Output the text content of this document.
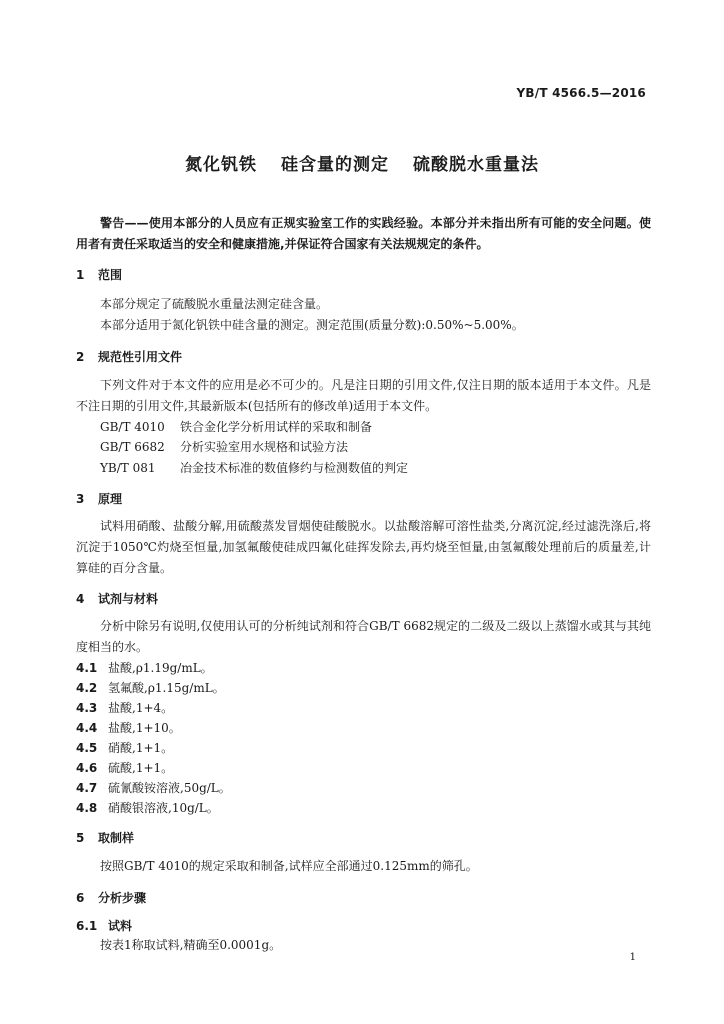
YB/T 4566.5—2016
氮化钒铁 硅含量的测定 硫酸脱水重量法
警告——使用本部分的人员应有正规实验室工作的实践经验。本部分并未指出所有可能的安全问题。使用者有责任采取适当的安全和健康措施,并保证符合国家有关法规规定的条件。
1 范围
本部分规定了硫酸脱水重量法测定硅含量。
本部分适用于氮化钒铁中硅含量的测定。测定范围(质量分数):0.50%~5.00%。
2 规范性引用文件
下列文件对于本文件的应用是必不可少的。凡是注日期的引用文件,仅注日期的版本适用于本文件。凡是不注日期的引用文件,其最新版本(包括所有的修改单)适用于本文件。
GB/T 4010 铁合金化学分析用试样的采取和制备
GB/T 6682 分析实验室用水规格和试验方法
YB/T 081 冶金技术标准的数值修约与检测数值的判定
3 原理
试料用硝酸、盐酸分解,用硫酸蒸发冒烟使硅酸脱水。以盐酸溶解可溶性盐类,分离沉淀,经过滤洗涤后,将沉淀于1050℃灼烧至恒量,加氢氟酸使硅成四氟化硅挥发除去,再灼烧至恒量,由氢氟酸处理前后的质量差,计算硅的百分含量。
4 试剂与材料
分析中除另有说明,仅使用认可的分析纯试剂和符合GB/T 6682规定的二级及二级以上蒸馏水或其与其纯度相当的水。
4.1 盐酸,ρ1.19g/mL。
4.2 氢氟酸,ρ1.15g/mL。
4.3 盐酸,1+4。
4.4 盐酸,1+10。
4.5 硝酸,1+1。
4.6 硫酸,1+1。
4.7 硫氰酸铵溶液,50g/L。
4.8 硝酸银溶液,10g/L。
5 取制样
按照GB/T 4010的规定采取和制备,试样应全部通过0.125mm的筛孔。
6 分析步骤
6.1 试料
按表1称取试料,精确至0.0001g。
1
